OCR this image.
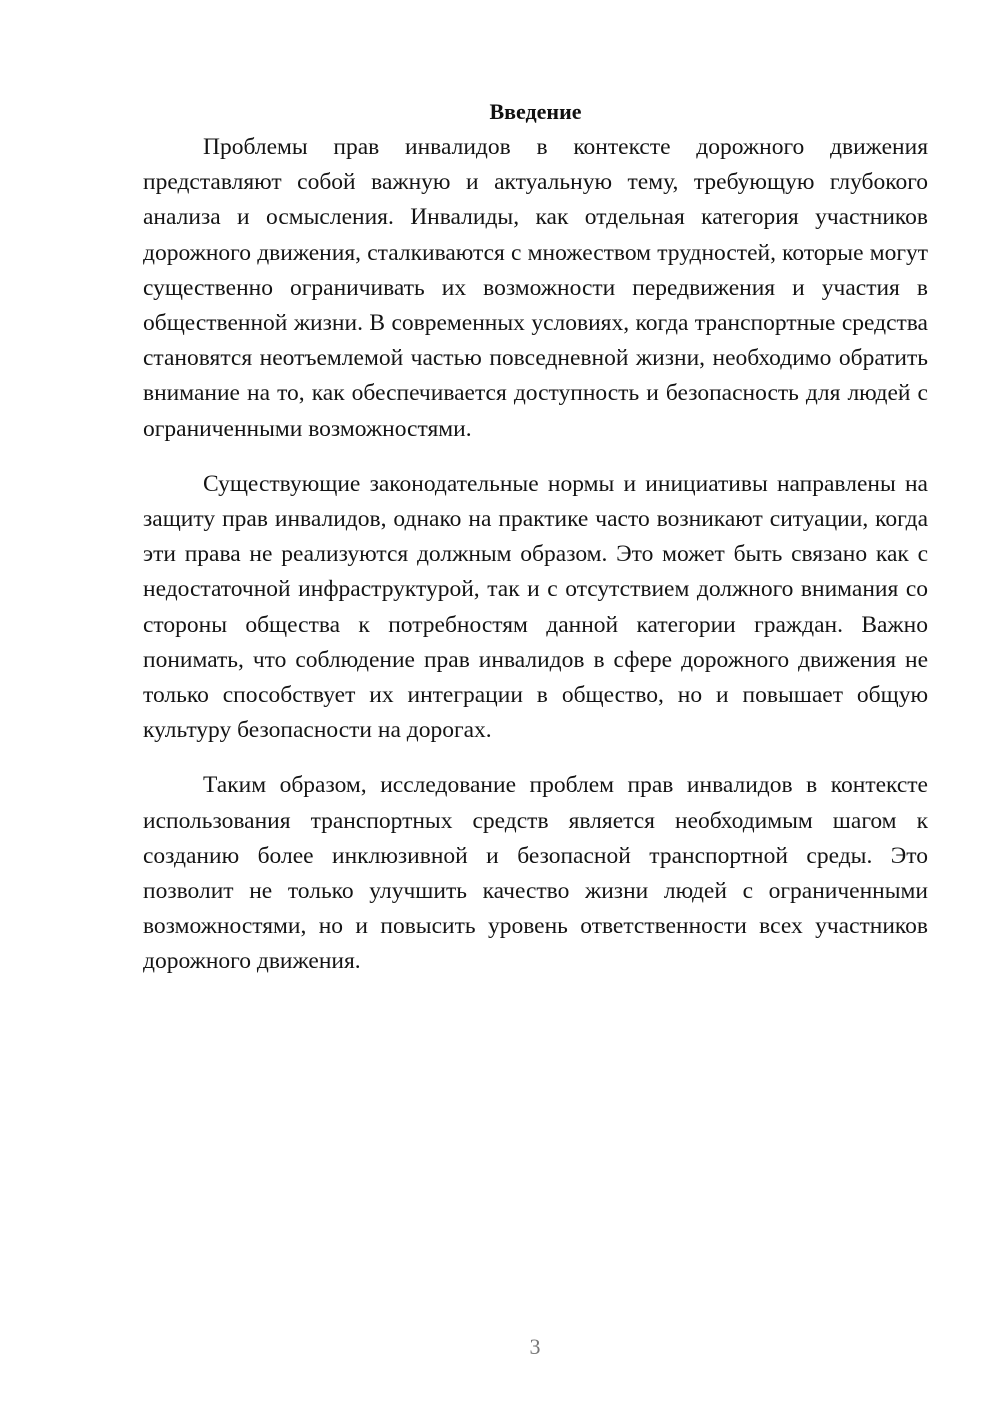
Введение

Проблемы прав инвалидов в контексте дорожного движения представляют собой важную и актуальную тему, требующую глубокого анализа и осмысления. Инвалиды, как отдельная категория участников дорожного движения, сталкиваются с множеством трудностей, которые могут существенно ограничивать их возможности передвижения и участия в общественной жизни. В современных условиях, когда транспортные средства становятся неотъемлемой частью повседневной жизни, необходимо обратить внимание на то, как обеспечивается доступность и безопасность для людей с ограниченными возможностями.

Существующие законодательные нормы и инициативы направлены на защиту прав инвалидов, однако на практике часто возникают ситуации, когда эти права не реализуются должным образом. Это может быть связано как с недостаточной инфраструктурой, так и с отсутствием должного внимания со стороны общества к потребностям данной категории граждан. Важно понимать, что соблюдение прав инвалидов в сфере дорожного движения не только способствует их интеграции в общество, но и повышает общую культуру безопасности на дорогах.

Таким образом, исследование проблем прав инвалидов в контексте использования транспортных средств является необходимым шагом к созданию более инклюзивной и безопасной транспортной среды. Это позволит не только улучшить качество жизни людей с ограниченными возможностями, но и повысить уровень ответственности всех участников дорожного движения.

3
